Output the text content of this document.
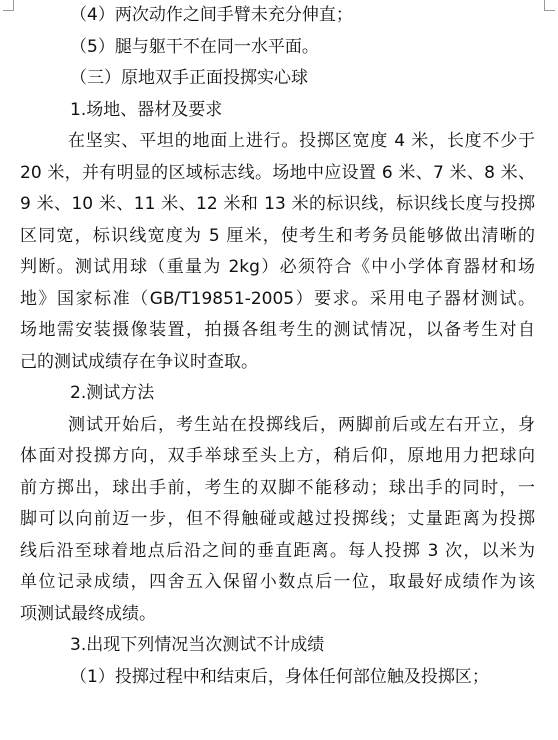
（4）两次动作之间手臂未充分伸直；
（5）腿与躯干不在同一水平面。
（三）原地双手正面投掷实心球
1.场地、器材及要求
在坚实、平坦的地面上进行。投掷区宽度 4 米，长度不少于
20 米，并有明显的区域标志线。场地中应设置 6 米、7 米、8 米、
9 米、10 米、11 米、12 米和 13 米的标识线，标识线长度与投掷
区同宽，标识线宽度为 5 厘米，使考生和考务员能够做出清晰的
判断。测试用球（重量为 2kg）必须符合《中小学体育器材和场
地》国家标准（GB/T19851-2005）要求。采用电子器材测试。
场地需安装摄像装置，拍摄各组考生的测试情况，以备考生对自
己的测试成绩存在争议时查取。
2.测试方法
测试开始后，考生站在投掷线后，两脚前后或左右开立，身
体面对投掷方向，双手举球至头上方，稍后仰，原地用力把球向
前方掷出，球出手前，考生的双脚不能移动；球出手的同时，一
脚可以向前迈一步，但不得触碰或越过投掷线；丈量距离为投掷
线后沿至球着地点后沿之间的垂直距离。每人投掷 3 次，以米为
单位记录成绩，四舍五入保留小数点后一位，取最好成绩作为该
项测试最终成绩。
3.出现下列情况当次测试不计成绩
（1）投掷过程中和结束后，身体任何部位触及投掷区；
